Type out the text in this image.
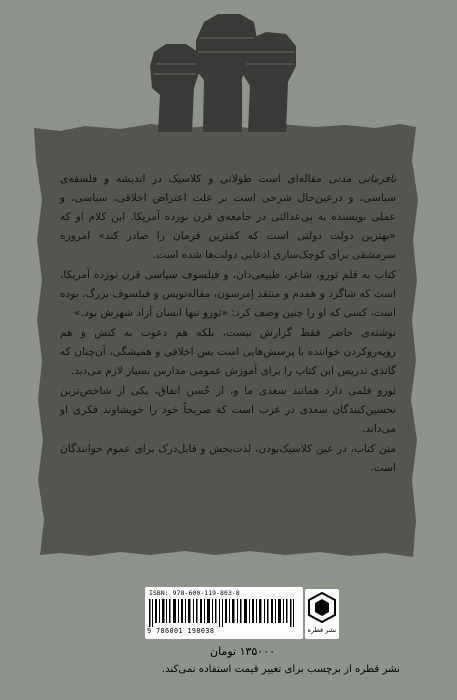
نافرمانی مدنی مقاله‌ای است طولانی و کلاسیک در اندیشه و فلسفه‌ی سیاسی، و درعین‌حال شرحی است بر علت اعتراض اخلاقی، سیاسی، و عملی نویسنده به بی‌عدالتی در جامعه‌ی قرن نوزده آمریکا. این کلام او که «بهترین دولت دولتی است که کمترین فرمان را صادر کند» امروزه سرمشقی برای کوچک‌سازی ادعایی دولت‌ها شده است.

کتاب به قلم ثورو، شاعر، طبیعی‌دان، و فیلسوف سیاسی قرن نوزده آمریکا، است که شاگرد و همدم و منتقد اِمرسون، مقاله‌نویس و فیلسوف بزرگ، بوده است، کسی که او را چنین وصف کرد: «ثورو تنها انسان آزاد شهرش بود.»

نوشته‌ی حاضر فقط گزارش نیست، بلکه هم دعوت به کنش و هم رویه‌روکردن خواننده با پرسش‌هایی است بس اخلاقی و همیشگی، آن‌چنان که گاندی تدریس این کتاب را برای آموزش عمومی مدارس بسیار لازم می‌دید.

ثورو قلمی دارد همانند سعدی ما و، از حُسن اتفاق، یکی از شاخص‌ترین تحسین‌کنندگان سعدی در غرب است که صریحاً خود را خویشاوند فکری او می‌داند.

متن کتاب، در عین کلاسیک‌بودن، لذت‌بخش و قابل‌درک برای عموم خوانندگان است.

ISBN: 978-600-119-803-8
9 786001 198038	نشر قطره
۱۳۵۰۰۰ تومان
نشر قطره از برچسب برای تغییر قیمت استفاده نمی‌کند.
